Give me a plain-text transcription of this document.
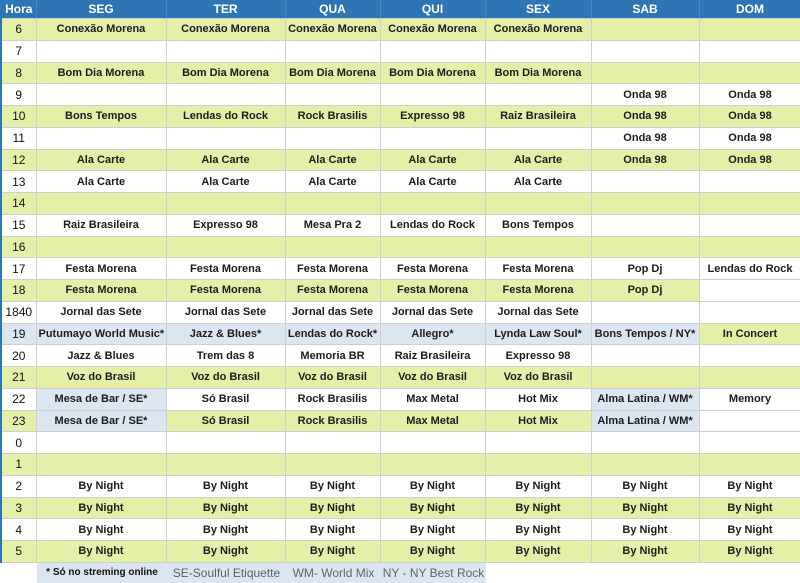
Hora	SEG	TER	QUA	QUI	SEX	SAB	DOM
6	Conexão Morena	Conexão Morena	Conexão Morena	Conexão Morena	Conexão Morena		
7							
8	Bom Dia Morena	Bom Dia Morena	Bom Dia Morena	Bom Dia Morena	Bom Dia Morena		
9						Onda 98	Onda 98
10	Bons Tempos	Lendas do Rock	Rock Brasilis	Expresso 98	Raiz Brasileira	Onda 98	Onda 98
11						Onda 98	Onda 98
12	Ala Carte	Ala Carte	Ala Carte	Ala Carte	Ala Carte	Onda 98	Onda 98
13	Ala Carte	Ala Carte	Ala Carte	Ala Carte	Ala Carte		
14							
15	Raiz Brasileira	Expresso 98	Mesa Pra 2	Lendas do Rock	Bons Tempos		
16							
17	Festa Morena	Festa Morena	Festa Morena	Festa Morena	Festa Morena	Pop Dj	Lendas do Rock
18	Festa Morena	Festa Morena	Festa Morena	Festa Morena	Festa Morena	Pop Dj	
1840	Jornal das Sete	Jornal das Sete	Jornal das Sete	Jornal das Sete	Jornal das Sete		
19	Putumayo World Music*	Jazz & Blues*	Lendas do Rock*	Allegro*	Lynda Law Soul*	Bons Tempos / NY*	In Concert
20	Jazz & Blues	Trem das 8	Memoria BR	Raiz Brasileira	Expresso 98		
21	Voz do Brasil	Voz do Brasil	Voz do Brasil	Voz do Brasil	Voz do Brasil		
22	Mesa de Bar / SE*	Só Brasil	Rock Brasilis	Max Metal	Hot Mix	Alma Latina / WM*	Memory
23	Mesa de Bar / SE*	Só Brasil	Rock Brasilis	Max Metal	Hot Mix	Alma Latina / WM*	
0							
1							
2	By Night	By Night	By Night	By Night	By Night	By Night	By Night
3	By Night	By Night	By Night	By Night	By Night	By Night	By Night
4	By Night	By Night	By Night	By Night	By Night	By Night	By Night
5	By Night	By Night	By Night	By Night	By Night	By Night	By Night
* Só no streming online	SE-Soulful Etiquette	WM- World Mix NY - NY Best Rock
